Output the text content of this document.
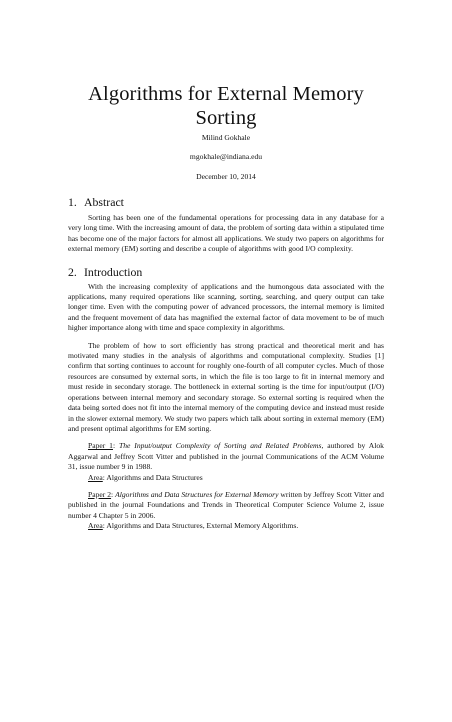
Algorithms for External Memory Sorting
Milind Gokhale
mgokhale@indiana.edu
December 10, 2014
1. Abstract

Sorting has been one of the fundamental operations for processing data in any database for a very long time. With the increasing amount of data, the problem of sorting data within a stipulated time has become one of the major factors for almost all applications. We study two papers on algorithms for external memory (EM) sorting and describe a couple of algorithms with good I/O complexity.

2. Introduction

With the increasing complexity of applications and the humongous data associated with the applications, many required operations like scanning, sorting, searching, and query output can take longer time. Even with the computing power of advanced processors, the internal memory is limited and the frequent movement of data has magnified the external factor of data movement to be of much higher importance along with time and space complexity in algorithms.

The problem of how to sort efficiently has strong practical and theoretical merit and has motivated many studies in the analysis of algorithms and computational complexity. Studies [1] confirm that sorting continues to account for roughly one-fourth of all computer cycles. Much of those resources are consumed by external sorts, in which the file is too large to fit in internal memory and must reside in secondary storage. The bottleneck in external sorting is the time for input/output (I/O) operations between internal memory and secondary storage. So external sorting is required when the data being sorted does not fit into the internal memory of the computing device and instead must reside in the slower external memory. We study two papers which talk about sorting in external memory (EM) and present optimal algorithms for EM sorting.

Paper 1: The Input/output Complexity of Sorting and Related Problems, authored by Alok Aggarwal and Jeffrey Scott Vitter and published in the journal Communications of the ACM Volume 31, issue number 9 in 1988.

Area: Algorithms and Data Structures

Paper 2: Algorithms and Data Structures for External Memory written by Jeffrey Scott Vitter and published in the journal Foundations and Trends in Theoretical Computer Science Volume 2, issue number 4 Chapter 5 in 2006.

Area: Algorithms and Data Structures, External Memory Algorithms.
